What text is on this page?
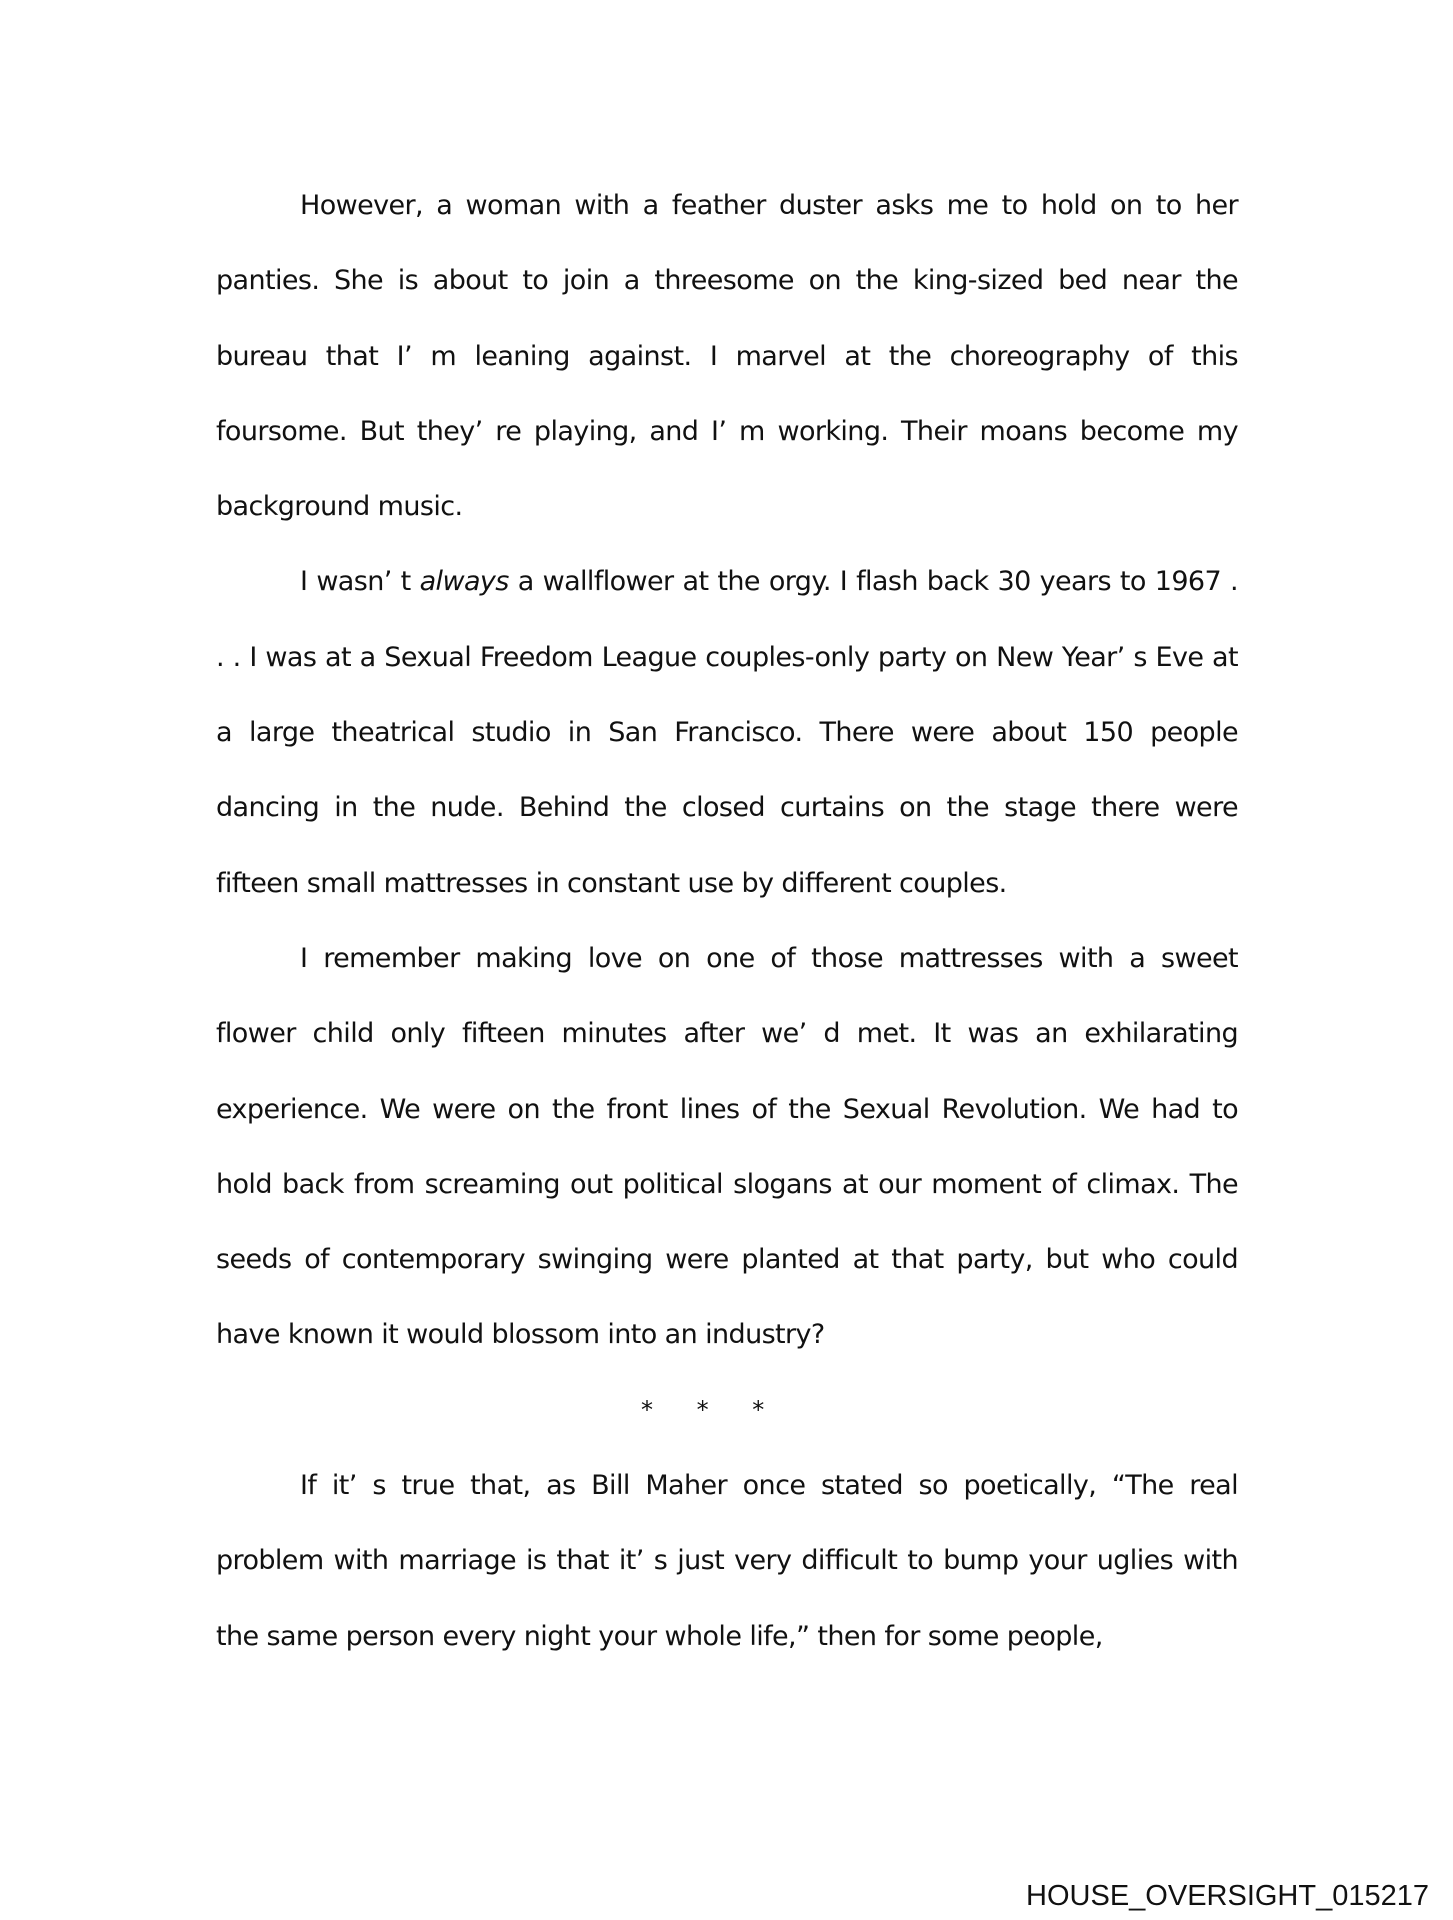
However, a woman with a feather duster asks me to hold on to her panties. She is about to join a threesome on the king-sized bed near the bureau that I’ m leaning against. I marvel at the choreography of this foursome. But they’ re playing, and I’ m working. Their moans become my background music.

I wasn’ t always a wallflower at the orgy. I flash back 30 years to 1967 . . . I was at a Sexual Freedom League couples-only party on New Year’ s Eve at a large theatrical studio in San Francisco. There were about 150 people dancing in the nude. Behind the closed curtains on the stage there were fifteen small mattresses in constant use by different couples.

I remember making love on one of those mattresses with a sweet flower child only fifteen minutes after we’ d met. It was an exhilarating experience. We were on the front lines of the Sexual Revolution. We had to hold back from screaming out political slogans at our moment of climax. The seeds of contemporary swinging were planted at that party, but who could have known it would blossom into an industry?

* * *

If it’ s true that, as Bill Maher once stated so poetically, “The real problem with marriage is that it’ s just very difficult to bump your uglies with the same person every night your whole life,” then for some people,

HOUSE_OVERSIGHT_015217
